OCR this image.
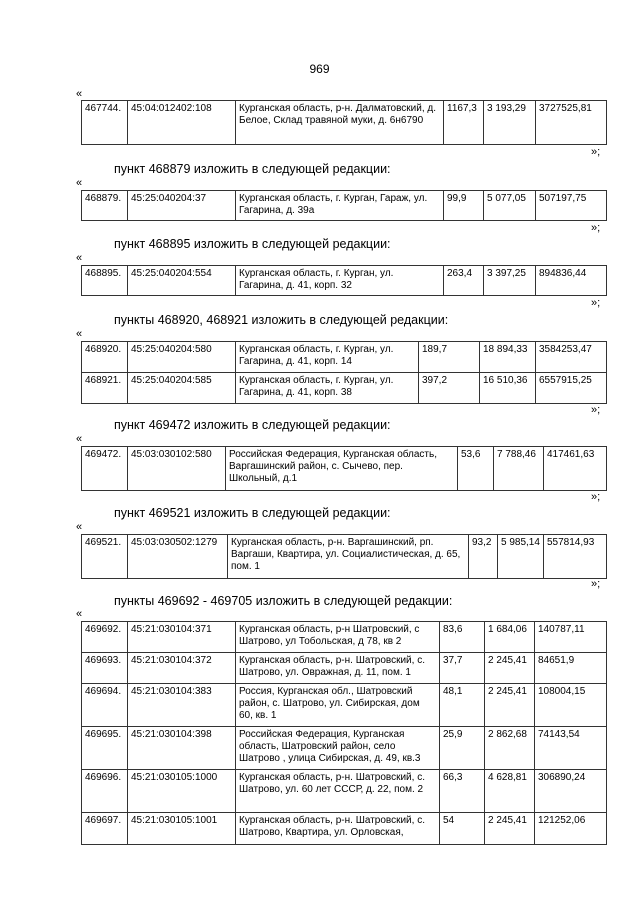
969
«
467744.	45:04:012402:108	Курганская область, р-н. Далматовский, д. Белое, Склад травяной муки, д. 6н6790	1167,3	3 193,29	3727525,81
»;
пункт 468879 изложить в следующей редакции:
«
468879.	45:25:040204:37	Курганская область, г. Курган, Гараж, ул. Гагарина, д. 39а	99,9	5 077,05	507197,75
»;
пункт 468895 изложить в следующей редакции:
«
468895.	45:25:040204:554	Курганская область, г. Курган, ул. Гагарина, д. 41, корп. 32	263,4	3 397,25	894836,44
»;
пункты 468920, 468921 изложить в следующей редакции:
«
468920.	45:25:040204:580	Курганская область, г. Курган, ул. Гагарина, д. 41, корп. 14	189,7	18 894,33	3584253,47
468921.	45:25:040204:585	Курганская область, г. Курган, ул. Гагарина, д. 41, корп. 38	397,2	16 510,36	6557915,25
»;
пункт 469472 изложить в следующей редакции:
«
469472.	45:03:030102:580	Российская Федерация, Курганская область, Варгашинский район, с. Сычево, пер. Школьный, д.1	53,6	7 788,46	417461,63
»;
пункт 469521 изложить в следующей редакции:
«
469521.	45:03:030502:1279	Курганская область, р-н. Варгашинский, рп. Варгаши, Квартира, ул. Социалистическая, д. 65, пом. 1	93,2	5 985,14	557814,93
»;
пункты 469692 - 469705 изложить в следующей редакции:
«
469692.	45:21:030104:371	Курганская область, р-н Шатровский, с Шатрово, ул Тобольская, д 78, кв 2	83,6	1 684,06	140787,11
469693.	45:21:030104:372	Курганская область, р-н. Шатровский, с. Шатрово, ул. Овражная, д. 11, пом. 1	37,7	2 245,41	84651,9
469694.	45:21:030104:383	Россия, Курганская обл., Шатровский район, с. Шатрово, ул. Сибирская, дом 60, кв. 1	48,1	2 245,41	108004,15
469695.	45:21:030104:398	Российская Федерация, Курганская область, Шатровский район, село Шатрово , улица Сибирская, д. 49, кв.3	25,9	2 862,68	74143,54
469696.	45:21:030105:1000	Курганская область, р-н. Шатровский, с. Шатрово, ул. 60 лет СССР, д. 22, пом. 2	66,3	4 628,81	306890,24
469697.	45:21:030105:1001	Курганская область, р-н. Шатровский, с. Шатрово, Квартира, ул. Орловская,	54	2 245,41	121252,06
